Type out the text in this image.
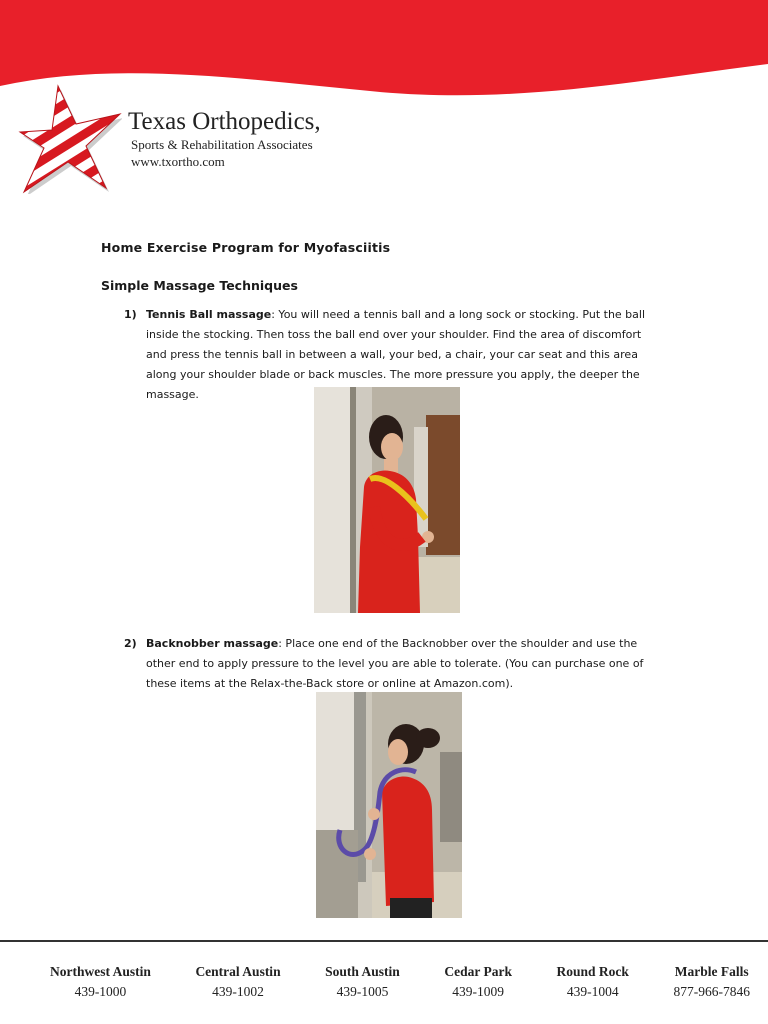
Texas Orthopedics,
Sports & Rehabilitation Associates
www.txortho.com
Home Exercise Program for Myofasciitis
Simple Massage Techniques
1) Tennis Ball massage: You will need a tennis ball and a long sock or stocking. Put the ball inside the stocking. Then toss the ball end over your shoulder. Find the area of discomfort and press the tennis ball in between a wall, your bed, a chair, your car seat and this area along your shoulder blade or back muscles. The more pressure you apply, the deeper the massage.
2) Backnobber massage: Place one end of the Backnobber over the shoulder and use the other end to apply pressure to the level you are able to tolerate. (You can purchase one of these items at the Relax-the-Back store or online at Amazon.com).
Northwest Austin
439-1000
Central Austin
439-1002
South Austin
439-1005
Cedar Park
439-1009
Round Rock
439-1004
Marble Falls
877-966-7846
